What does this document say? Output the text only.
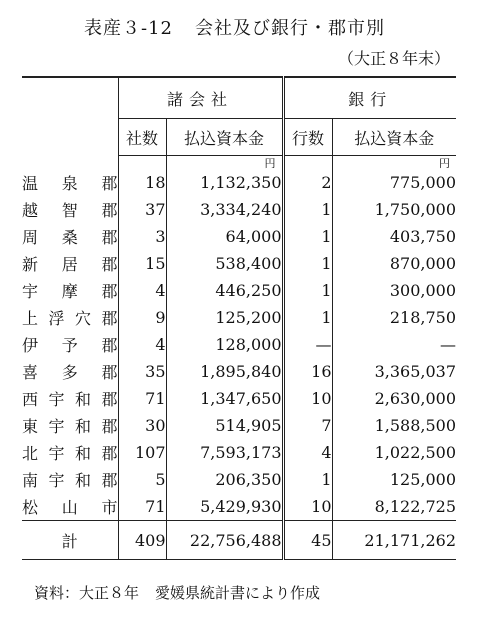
表産３-12 会社及び銀行・郡市別
（大正８年末）
	諸会社		銀行	
	社数	払込資本金	行数	払込資本金
		円		円
温泉郡	18	1,132,350	2	775,000
越智郡	37	3,334,240	1	1,750,000
周桑郡	3	64,000	1	403,750
新居郡	15	538,400	1	870,000
宇摩郡	4	446,250	1	300,000
上浮穴郡	9	125,200	1	218,750
伊予郡	4	128,000	—	—
喜多郡	35	1,895,840	16	3,365,037
西宇和郡	71	1,347,650	10	2,630,000
東宇和郡	30	514,905	7	1,588,500
北宇和郡	107	7,593,173	4	1,022,500
南宇和郡	5	206,350	1	125,000
松山市	71	5,429,930	10	8,122,725
計	409	22,756,488	45	21,171,262
資料：大正８年 愛媛県統計書により作成
